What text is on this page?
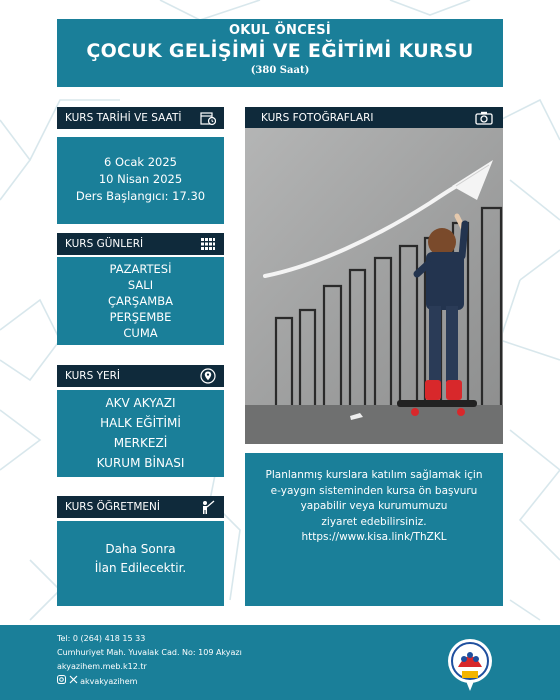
OKUL ÖNCESİ
ÇOCUK GELİŞİMİ VE EĞİTİMİ KURSU
(380 Saat)
KURS TARİHİ VE SAATİ
6 Ocak 2025
10 Nisan 2025
Ders Başlangıcı: 17.30
KURS GÜNLERİ
PAZARTESİ
SALI
ÇARŞAMBA
PERŞEMBE
CUMA
KURS YERİ
AKV AKYAZI
HALK EĞİTİMİ
MERKEZİ
KURUM BİNASI
KURS ÖĞRETMENİ
Daha Sonra
İlan Edilecektir.
KURS FOTOĞRAFLARI
Planlanmış kurslara katılım sağlamak için
e-yaygın sisteminden kursa ön başvuru
yapabilir veya kurumumuzu
ziyaret edebilirsiniz.
https://www.kisa.link/ThZKL
Tel: 0 (264) 418 15 33
Cumhuriyet Mah. Yuvalak Cad. No: 109 Akyazı
akyazihem.meb.k12.tr
akvakyazihem
